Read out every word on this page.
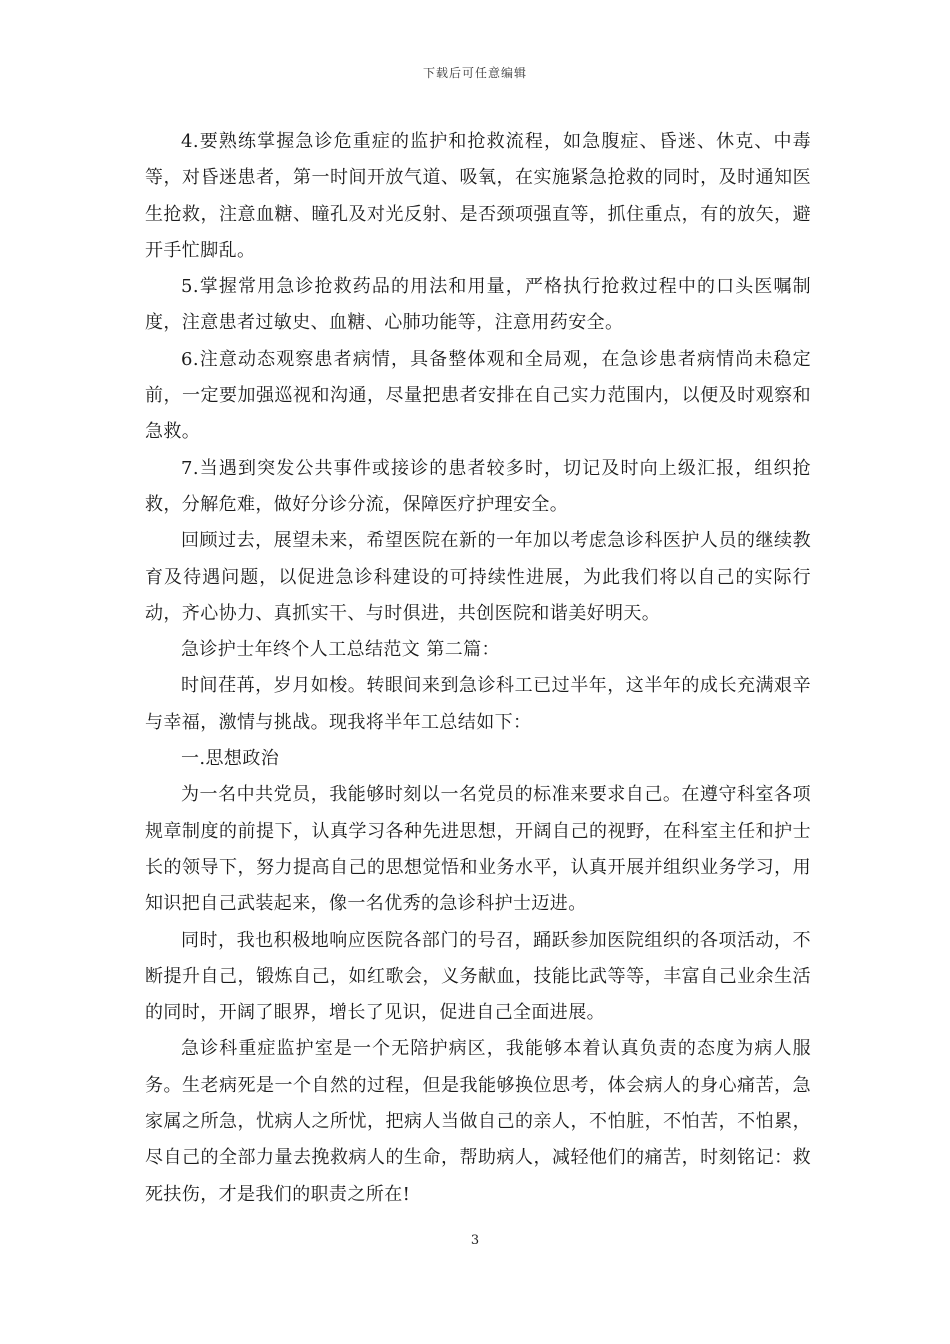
下载后可任意编辑

4.要熟练掌握急诊危重症的监护和抢救流程，如急腹症、昏迷、休克、中毒等，对昏迷患者，第一时间开放气道、吸氧，在实施紧急抢救的同时，及时通知医生抢救，注意血糖、瞳孔及对光反射、是否颈项强直等，抓住重点，有的放矢，避开手忙脚乱。

5.掌握常用急诊抢救药品的用法和用量，严格执行抢救过程中的口头医嘱制度，注意患者过敏史、血糖、心肺功能等，注意用药安全。

6.注意动态观察患者病情，具备整体观和全局观，在急诊患者病情尚未稳定前，一定要加强巡视和沟通，尽量把患者安排在自己实力范围内，以便及时观察和急救。

7.当遇到突发公共事件或接诊的患者较多时，切记及时向上级汇报，组织抢救，分解危难，做好分诊分流，保障医疗护理安全。

回顾过去，展望未来，希望医院在新的一年加以考虑急诊科医护人员的继续教育及待遇问题，以促进急诊科建设的可持续性进展，为此我们将以自己的实际行动，齐心协力、真抓实干、与时俱进，共创医院和谐美好明天。

急诊护士年终个人工总结范文 第二篇：

时间荏苒，岁月如梭。转眼间来到急诊科工已过半年，这半年的成长充满艰辛与幸福，激情与挑战。现我将半年工总结如下：

一.思想政治

为一名中共党员，我能够时刻以一名党员的标准来要求自己。在遵守科室各项规章制度的前提下，认真学习各种先进思想，开阔自己的视野，在科室主任和护士长的领导下，努力提高自己的思想觉悟和业务水平，认真开展并组织业务学习，用知识把自己武装起来，像一名优秀的急诊科护士迈进。

同时，我也积极地响应医院各部门的号召，踊跃参加医院组织的各项活动，不断提升自己，锻炼自己，如红歌会，义务献血，技能比武等等，丰富自己业余生活的同时，开阔了眼界，增长了见识，促进自己全面进展。

急诊科重症监护室是一个无陪护病区，我能够本着认真负责的态度为病人服务。生老病死是一个自然的过程，但是我能够换位思考，体会病人的身心痛苦，急家属之所急，忧病人之所忧，把病人当做自己的亲人，不怕脏，不怕苦，不怕累，尽自己的全部力量去挽救病人的生命，帮助病人，减轻他们的痛苦，时刻铭记：救死扶伤，才是我们的职责之所在!

3
